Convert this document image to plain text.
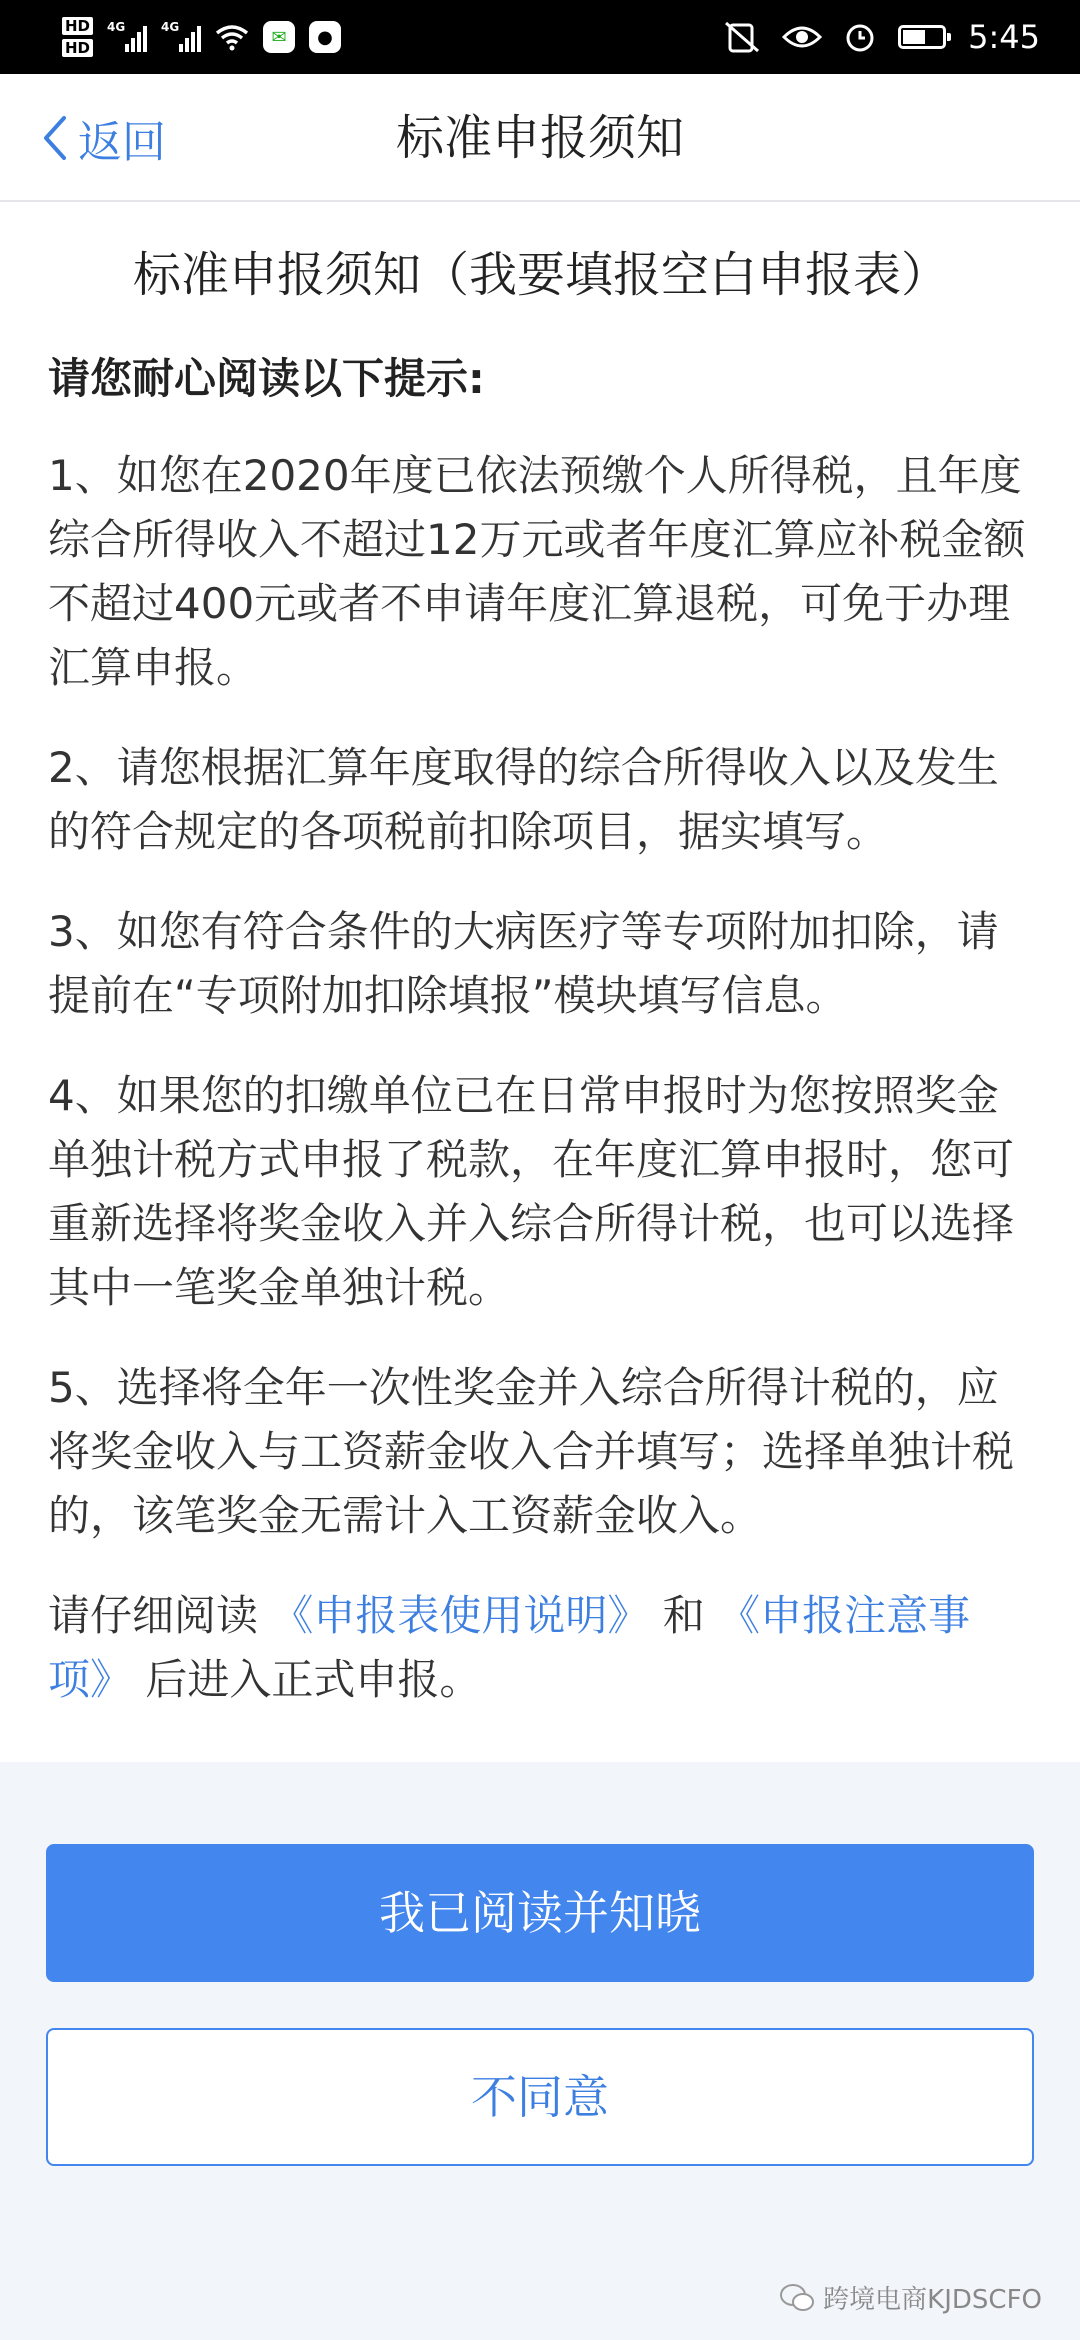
HD
HD
4G	4G	✉	●	5:45
标准申报须知
返回
标准申报须知（我要填报空白申报表）
请您耐心阅读以下提示:

1、如您在2020年度已依法预缴个人所得税，且年度综合所得收入不超过12万元或者年度汇算应补税金额不超过400元或者不申请年度汇算退税，可免于办理汇算申报。

2、请您根据汇算年度取得的综合所得收入以及发生的符合规定的各项税前扣除项目，据实填写。

3、如您有符合条件的大病医疗等专项附加扣除，请提前在“专项附加扣除填报”模块填写信息。

4、如果您的扣缴单位已在日常申报时为您按照奖金单独计税方式申报了税款，在年度汇算申报时，您可重新选择将奖金收入并入综合所得计税，也可以选择其中一笔奖金单独计税。

5、选择将全年一次性奖金并入综合所得计税的，应将奖金收入与工资薪金收入合并填写；选择单独计税的，该笔奖金无需计入工资薪金收入。

请仔细阅读 《申报表使用说明》 和 《申报注意事项》 后进入正式申报。

我已阅读并知晓
不同意
跨境电商KJDSCFO
